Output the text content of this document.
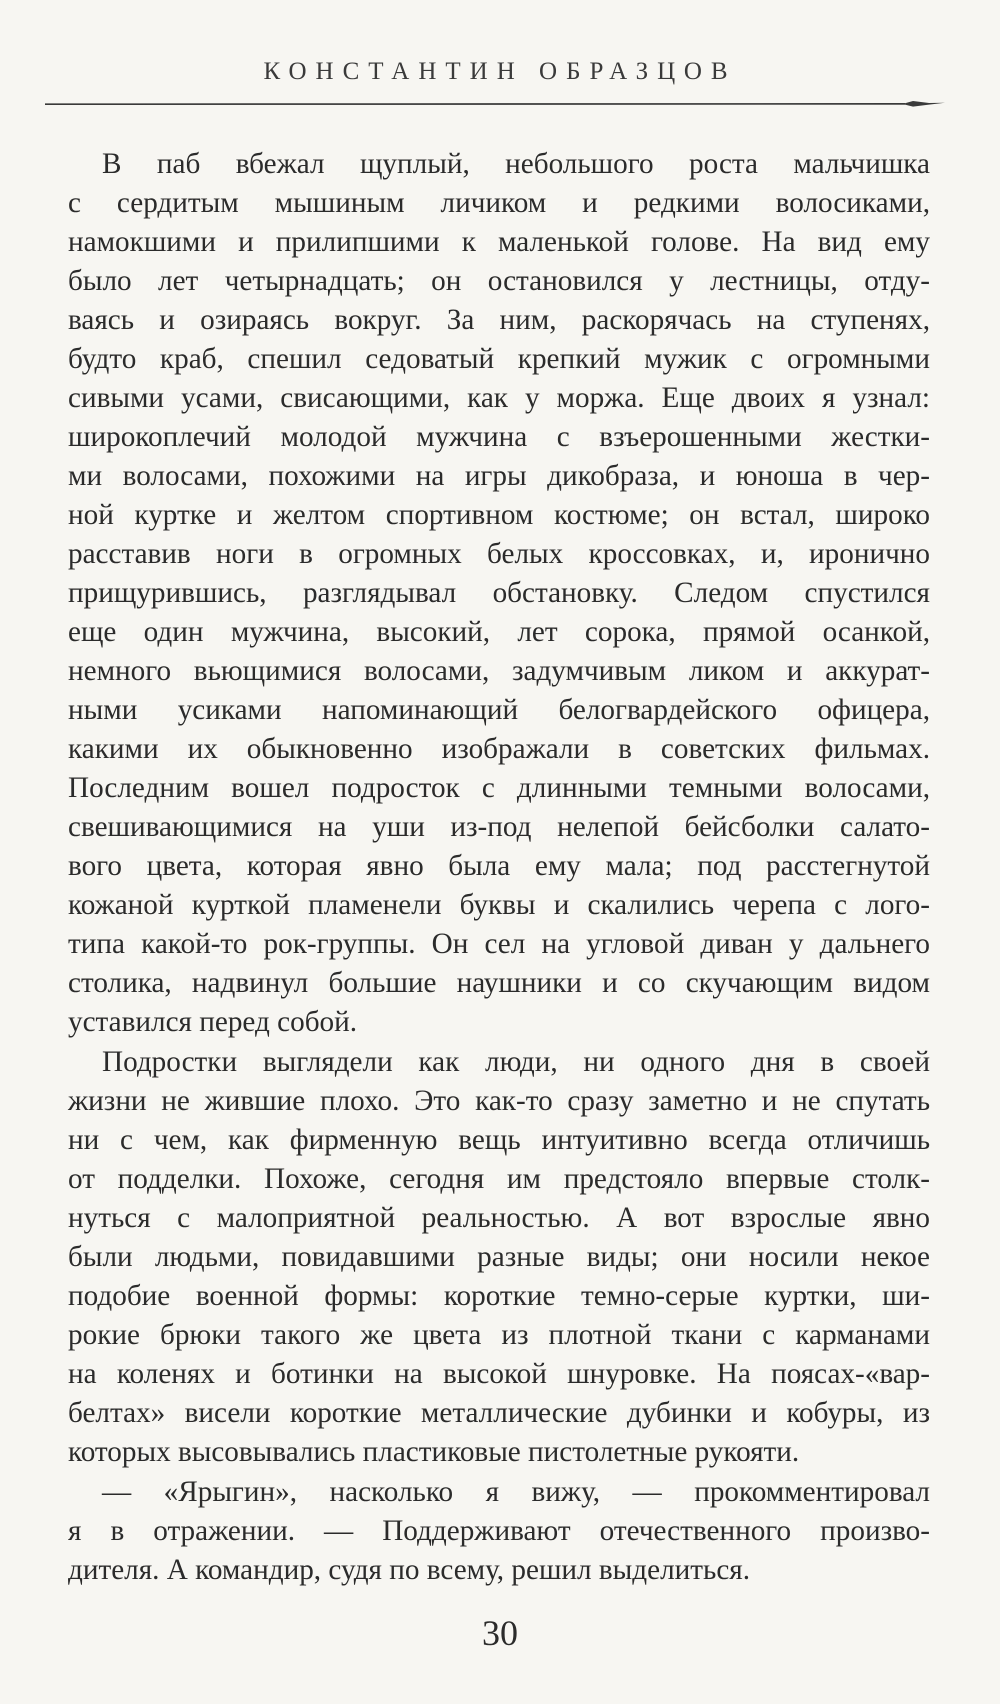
КОНСТАНТИН ОБРАЗЦОВ
В паб вбежал щуплый, небольшого роста мальчишка
с сердитым мышиным личиком и редкими волосиками,
намокшими и прилипшими к маленькой голове. На вид ему
было лет четырнадцать; он остановился у лестницы, отду-
ваясь и озираясь вокруг. За ним, раскорячась на ступенях,
будто краб, спешил седоватый крепкий мужик с огромными
сивыми усами, свисающими, как у моржа. Еще двоих я узнал:
широкоплечий молодой мужчина с взъерошенными жестки-
ми волосами, похожими на игры дикобраза, и юноша в чер-
ной куртке и желтом спортивном костюме; он встал, широко
расставив ноги в огромных белых кроссовках, и, иронично
прищурившись, разглядывал обстановку. Следом спустился
еще один мужчина, высокий, лет сорока, прямой осанкой,
немного вьющимися волосами, задумчивым ликом и аккурат-
ными усиками напоминающий белогвардейского офицера,
какими их обыкновенно изображали в советских фильмах.
Последним вошел подросток с длинными темными волосами,
свешивающимися на уши из-под нелепой бейсболки салато-
вого цвета, которая явно была ему мала; под расстегнутой
кожаной курткой пламенели буквы и скалились черепа с лого-
типа какой-то рок-группы. Он сел на угловой диван у дальнего
столика, надвинул большие наушники и со скучающим видом
уставился перед собой.
Подростки выглядели как люди, ни одного дня в своей
жизни не жившие плохо. Это как-то сразу заметно и не спутать
ни с чем, как фирменную вещь интуитивно всегда отличишь
от подделки. Похоже, сегодня им предстояло впервые столк-
нуться с малоприятной реальностью. А вот взрослые явно
были людьми, повидавшими разные виды; они носили некое
подобие военной формы: короткие темно-серые куртки, ши-
рокие брюки такого же цвета из плотной ткани с карманами
на коленях и ботинки на высокой шнуровке. На поясах-«вар-
белтах» висели короткие металлические дубинки и кобуры, из
которых высовывались пластиковые пистолетные рукояти.
— «Ярыгин», насколько я вижу, — прокомментировал
я в отражении. — Поддерживают отечественного произво-
дителя. А командир, судя по всему, решил выделиться.
30
